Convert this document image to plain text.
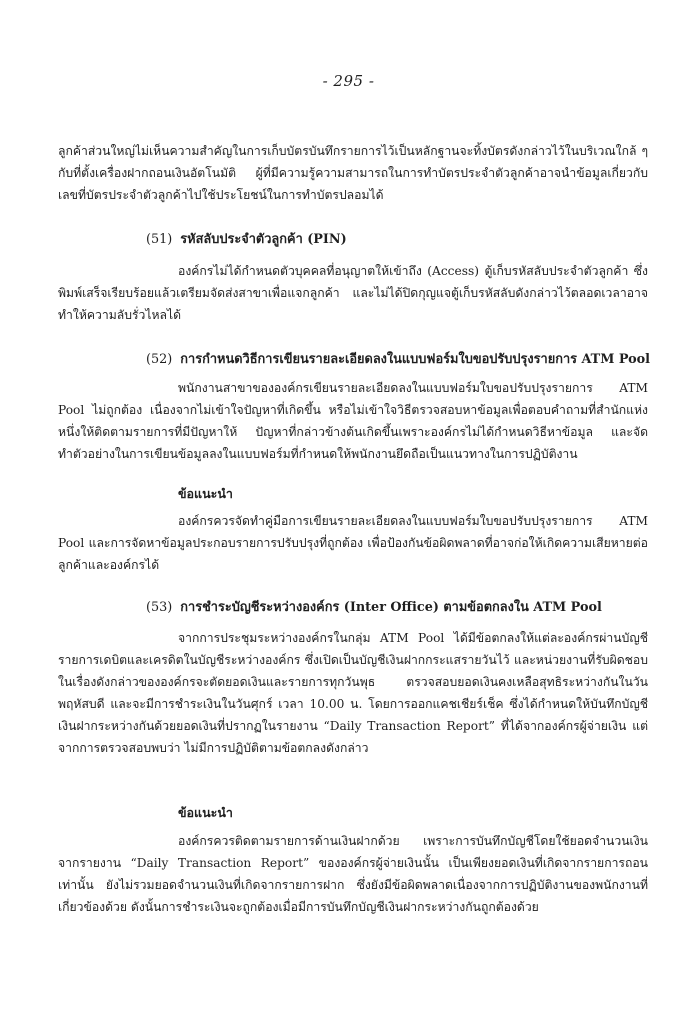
- 295 -

ลูกค้าส่วนใหญ่ไม่เห็นความสำคัญในการเก็บบัตรบันทึกรายการไว้เป็นหลักฐานจะทิ้งบัตรดังกล่าวไว้ในบริเวณใกล้ ๆ กับที่ตั้งเครื่องฝากถอนเงินอัตโนมัติ ผู้ที่มีความรู้ความสามารถในการทำบัตรประจำตัวลูกค้าอาจนำข้อมูลเกี่ยวกับเลขที่บัตรประจำตัวลูกค้าไปใช้ประโยชน์ในการทำบัตรปลอมได้

(51) รหัสลับประจำตัวลูกค้า (PIN)

องค์กรไม่ได้กำหนดตัวบุคคลที่อนุญาตให้เข้าถึง (Access) ตู้เก็บรหัสลับประจำตัวลูกค้า ซึ่งพิมพ์เสร็จเรียบร้อยแล้วเตรียมจัดส่งสาขาเพื่อแจกลูกค้า และไม่ได้ปิดกุญแจตู้เก็บรหัสลับดังกล่าวไว้ตลอดเวลาอาจทำให้ความลับรั่วไหลได้

(52) การกำหนดวิธีการเขียนรายละเอียดลงในแบบฟอร์มใบขอปรับปรุงรายการ ATM Pool

พนักงานสาขาขององค์กรเขียนรายละเอียดลงในแบบฟอร์มใบขอปรับปรุงรายการ ATM Pool ไม่ถูกต้อง เนื่องจากไม่เข้าใจปัญหาที่เกิดขึ้น หรือไม่เข้าใจวิธีตรวจสอบหาข้อมูลเพื่อตอบคำถามที่สำนักแห่งหนึ่งให้ติดตามรายการที่มีปัญหาให้ ปัญหาที่กล่าวข้างต้นเกิดขึ้นเพราะองค์กรไม่ได้กำหนดวิธีหาข้อมูล และจัดทำตัวอย่างในการเขียนข้อมูลลงในแบบฟอร์มที่กำหนดให้พนักงานยึดถือเป็นแนวทางในการปฏิบัติงาน

ข้อแนะนำ

องค์กรควรจัดทำคู่มือการเขียนรายละเอียดลงในแบบฟอร์มใบขอปรับปรุงรายการ ATM Pool และการจัดหาข้อมูลประกอบรายการปรับปรุงที่ถูกต้อง เพื่อป้องกันข้อผิดพลาดที่อาจก่อให้เกิดความเสียหายต่อลูกค้าและองค์กรได้

(53) การชำระบัญชีระหว่างองค์กร (Inter Office) ตามข้อตกลงใน ATM Pool

จากการประชุมระหว่างองค์กรในกลุ่ม ATM Pool ได้มีข้อตกลงให้แต่ละองค์กรผ่านบัญชีรายการเดบิตและเครดิตในบัญชีระหว่างองค์กร ซึ่งเปิดเป็นบัญชีเงินฝากกระแสรายวันไว้ และหน่วยงานที่รับผิดชอบในเรื่องดังกล่าวขององค์กรจะตัดยอดเงินและรายการทุกวันพุธ ตรวจสอบยอดเงินคงเหลือสุทธิระหว่างกันในวันพฤหัสบดี และจะมีการชำระเงินในวันศุกร์ เวลา 10.00 น. โดยการออกแคชเชียร์เช็ค ซึ่งได้กำหนดให้บันทึกบัญชีเงินฝากระหว่างกันด้วยยอดเงินที่ปรากฏในรายงาน “Daily Transaction Report” ที่ได้จากองค์กรผู้จ่ายเงิน แต่จากการตรวจสอบพบว่า ไม่มีการปฏิบัติตามข้อตกลงดังกล่าว

ข้อแนะนำ

องค์กรควรติดตามรายการด้านเงินฝากด้วย เพราะการบันทึกบัญชีโดยใช้ยอดจำนวนเงินจากรายงาน “Daily Transaction Report” ขององค์กรผู้จ่ายเงินนั้น เป็นเพียงยอดเงินที่เกิดจากรายการถอนเท่านั้น ยังไม่รวมยอดจำนวนเงินที่เกิดจากรายการฝาก ซึ่งยังมีข้อผิดพลาดเนื่องจากการปฏิบัติงานของพนักงานที่เกี่ยวข้องด้วย ดังนั้นการชำระเงินจะถูกต้องเมื่อมีการบันทึกบัญชีเงินฝากระหว่างกันถูกต้องด้วย
